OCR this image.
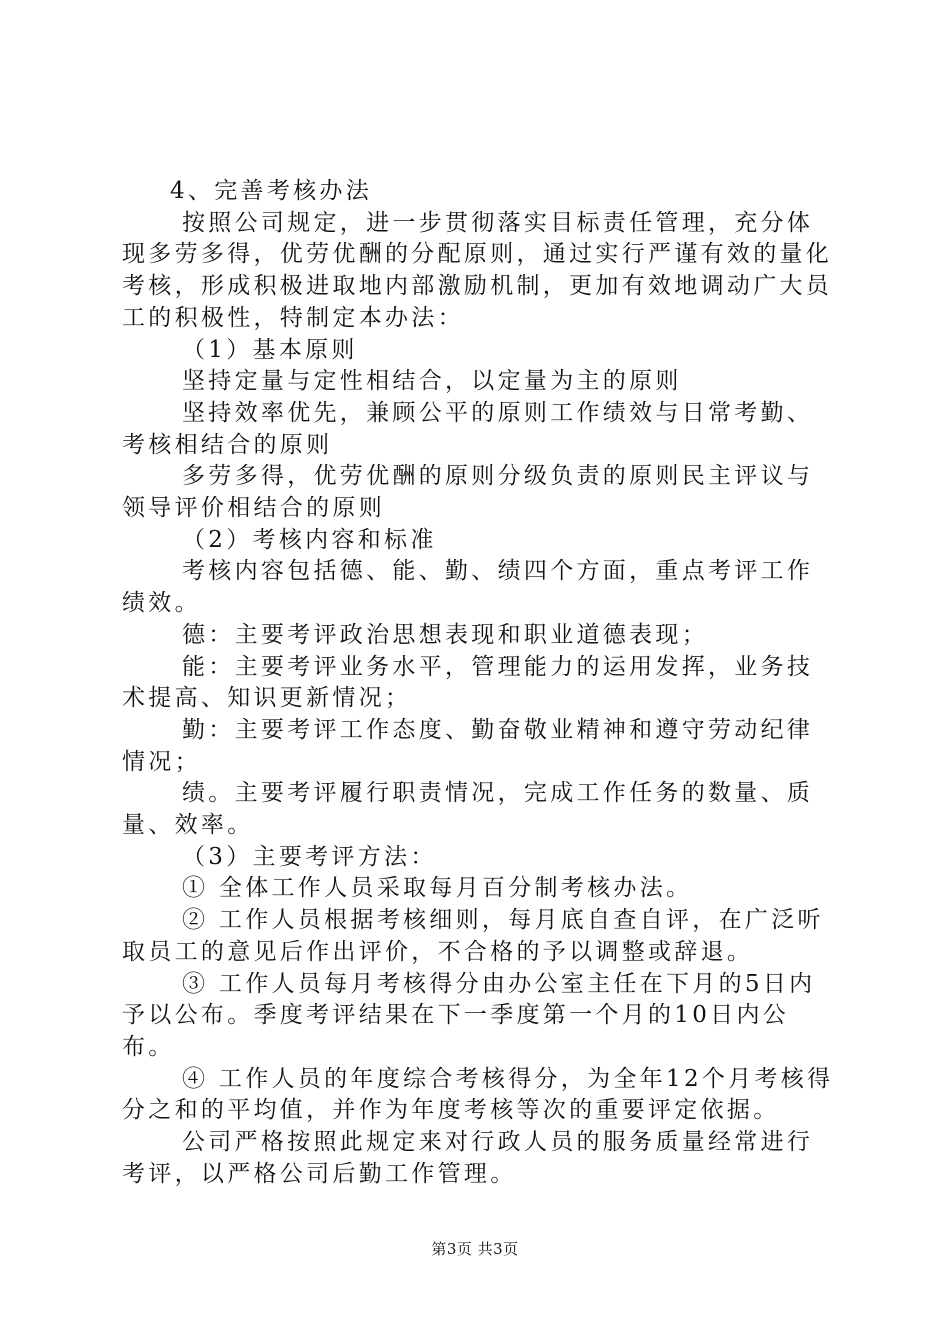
4、完善考核办法

按照公司规定，进一步贯彻落实目标责任管理，充分体现多劳多得，优劳优酬的分配原则，通过实行严谨有效的量化考核，形成积极进取地内部激励机制，更加有效地调动广大员工的积极性，特制定本办法：

（1）基本原则

坚持定量与定性相结合，以定量为主的原则

坚持效率优先，兼顾公平的原则工作绩效与日常考勤、考核相结合的原则

多劳多得，优劳优酬的原则分级负责的原则民主评议与领导评价相结合的原则

（2）考核内容和标准

考核内容包括德、能、勤、绩四个方面，重点考评工作绩效。

德：主要考评政治思想表现和职业道德表现；

能：主要考评业务水平，管理能力的运用发挥，业务技术提高、知识更新情况；

勤：主要考评工作态度、勤奋敬业精神和遵守劳动纪律情况；

绩。主要考评履行职责情况，完成工作任务的数量、质量、效率。

（3）主要考评方法：

① 全体工作人员采取每月百分制考核办法。

② 工作人员根据考核细则，每月底自查自评，在广泛听取员工的意见后作出评价，不合格的予以调整或辞退。

③ 工作人员每月考核得分由办公室主任在下月的5日内予以公布。季度考评结果在下一季度第一个月的10日内公布。

④ 工作人员的年度综合考核得分，为全年12个月考核得分之和的平均值，并作为年度考核等次的重要评定依据。

公司严格按照此规定来对行政人员的服务质量经常进行考评，以严格公司后勤工作管理。

第3页 共3页
